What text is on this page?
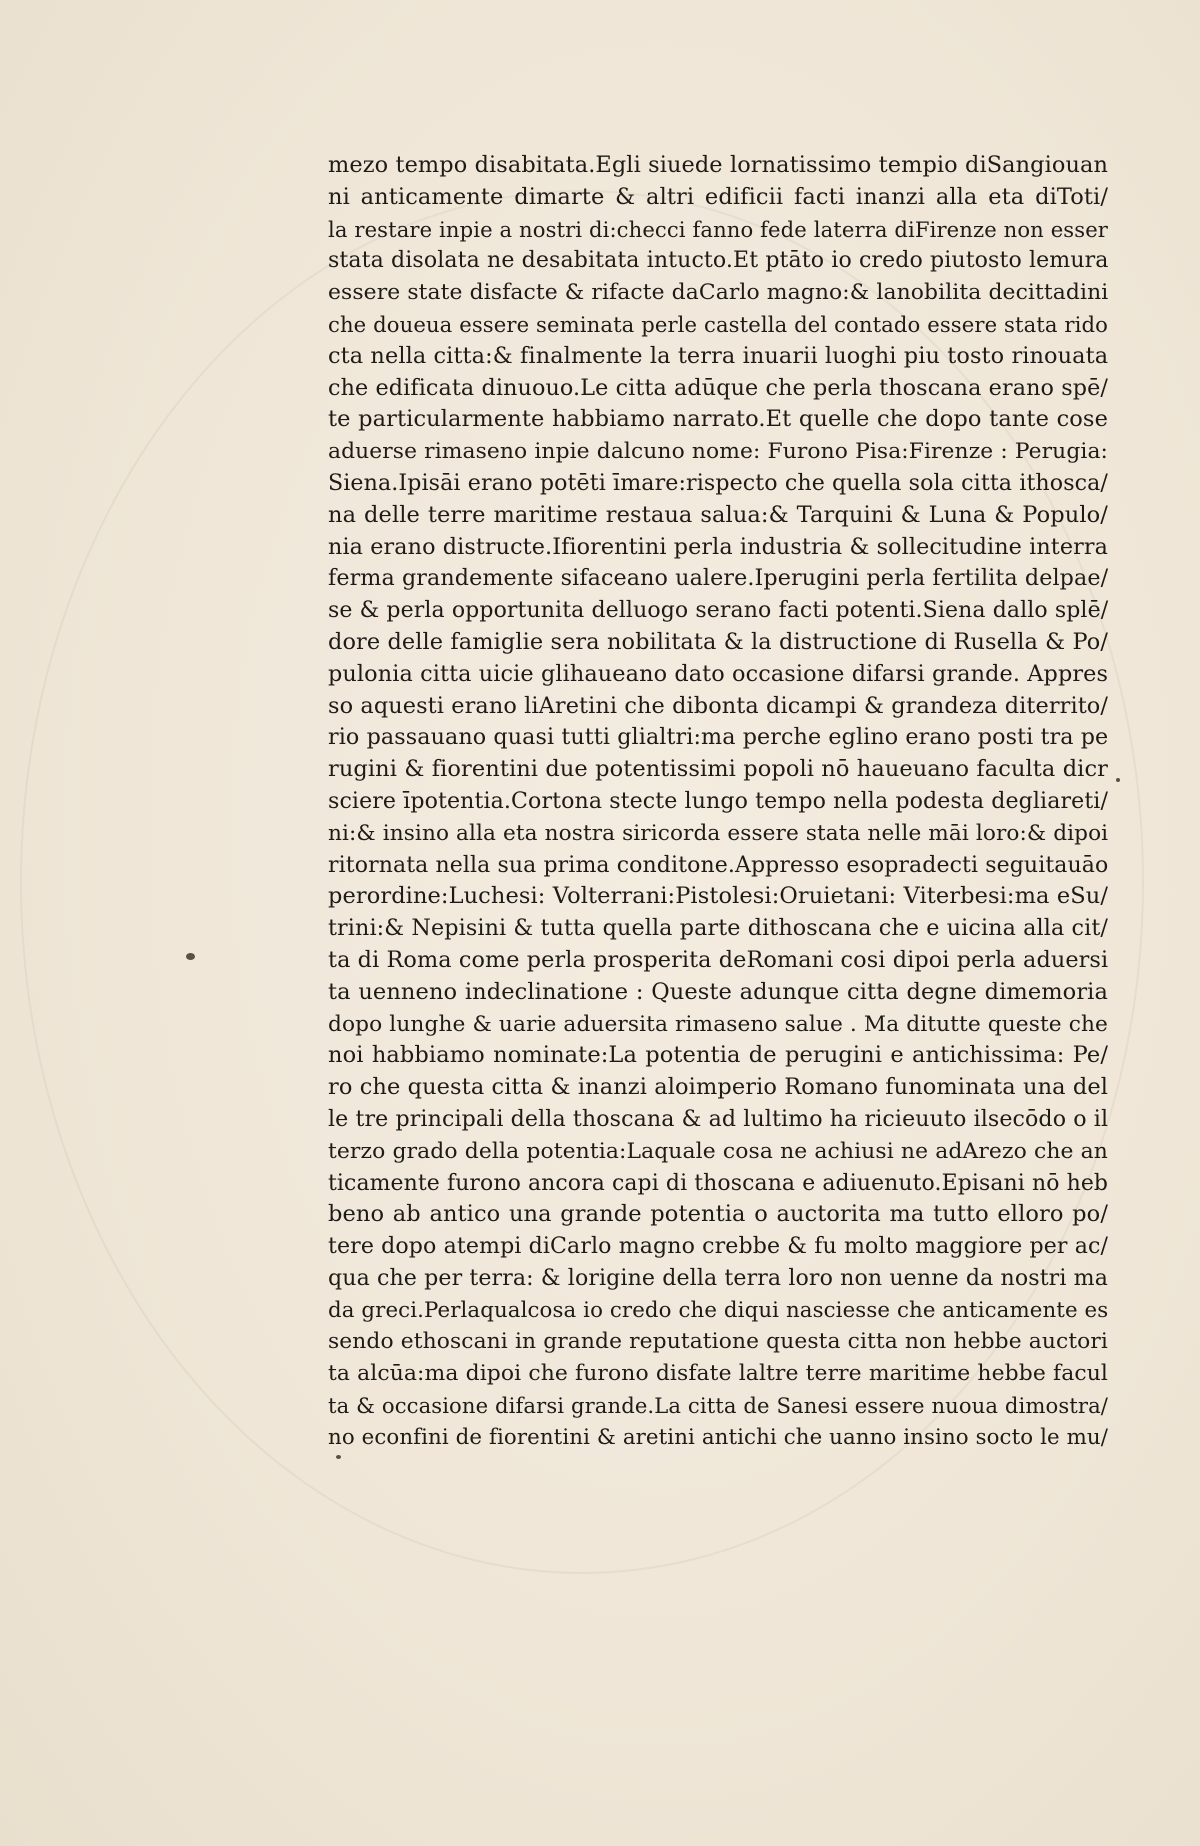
mezo tempo disabitata.Egli siuede lornatissimo tempio diSangiouan
ni anticamente dimarte & altri edificii facti inanzi alla eta diToti/
la restare inpie a nostri di:checci fanno fede laterra diFirenze non esser
stata disolata ne desabitata intucto.Et ptāto io credo piutosto lemura
essere state disfacte & rifacte daCarlo magno:& lanobilita decittadini
che doueua essere seminata perle castella del contado essere stata rido
cta nella citta:& finalmente la terra inuarii luoghi piu tosto rinouata
che edificata dinuouo.Le citta adūque che perla thoscana erano spē/
te particularmente habbiamo narrato.Et quelle che dopo tante cose
aduerse rimaseno inpie dalcuno nome: Furono Pisa:Firenze : Perugia:
Siena.Ipisāi erano potēti īmare:rispecto che quella sola citta ithosca/
na delle terre maritime restaua salua:& Tarquini & Luna & Populo/
nia erano distructe.Ifiorentini perla industria & sollecitudine interra
ferma grandemente sifaceano ualere.Iperugini perla fertilita delpae/
se & perla opportunita delluogo serano facti potenti.Siena dallo splē/
dore delle famiglie sera nobilitata & la distructione di Rusella & Po/
pulonia citta uicie glihaueano dato occasione difarsi grande. Appres
so aquesti erano liAretini che dibonta dicampi & grandeza diterrito/
rio passauano quasi tutti glialtri:ma perche eglino erano posti tra pe
rugini & fiorentini due potentissimi popoli nō haueuano faculta dicr
sciere īpotentia.Cortona stecte lungo tempo nella podesta degliareti/
ni:& insino alla eta nostra siricorda essere stata nelle māi loro:& dipoi
ritornata nella sua prima conditone.Appresso esopradecti seguitauāo
perordine:Luchesi: Volterrani:Pistolesi:Oruietani: Viterbesi:ma eSu/
trini:& Nepisini & tutta quella parte dithoscana che e uicina alla cit/
ta di Roma come perla prosperita deRomani cosi dipoi perla aduersi
ta uenneno indeclinatione : Queste adunque citta degne dimemoria
dopo lunghe & uarie aduersita rimaseno salue . Ma ditutte queste che
noi habbiamo nominate:La potentia de perugini e antichissima: Pe/
ro che questa citta & inanzi aloimperio Romano funominata una del
le tre principali della thoscana & ad lultimo ha ricieuuto ilsecōdo o il
terzo grado della potentia:Laquale cosa ne achiusi ne adArezo che an
ticamente furono ancora capi di thoscana e adiuenuto.Episani nō heb
beno ab antico una grande potentia o auctorita ma tutto elloro po/
tere dopo atempi diCarlo magno crebbe & fu molto maggiore per ac/
qua che per terra: & lorigine della terra loro non uenne da nostri ma
da greci.Perlaqualcosa io credo che diqui nasciesse che anticamente es
sendo ethoscani in grande reputatione questa citta non hebbe auctori
ta alcūa:ma dipoi che furono disfate laltre terre maritime hebbe facul
ta & occasione difarsi grande.La citta de Sanesi essere nuoua dimostra/
no econfini de fiorentini & aretini antichi che uanno insino socto le mu/
